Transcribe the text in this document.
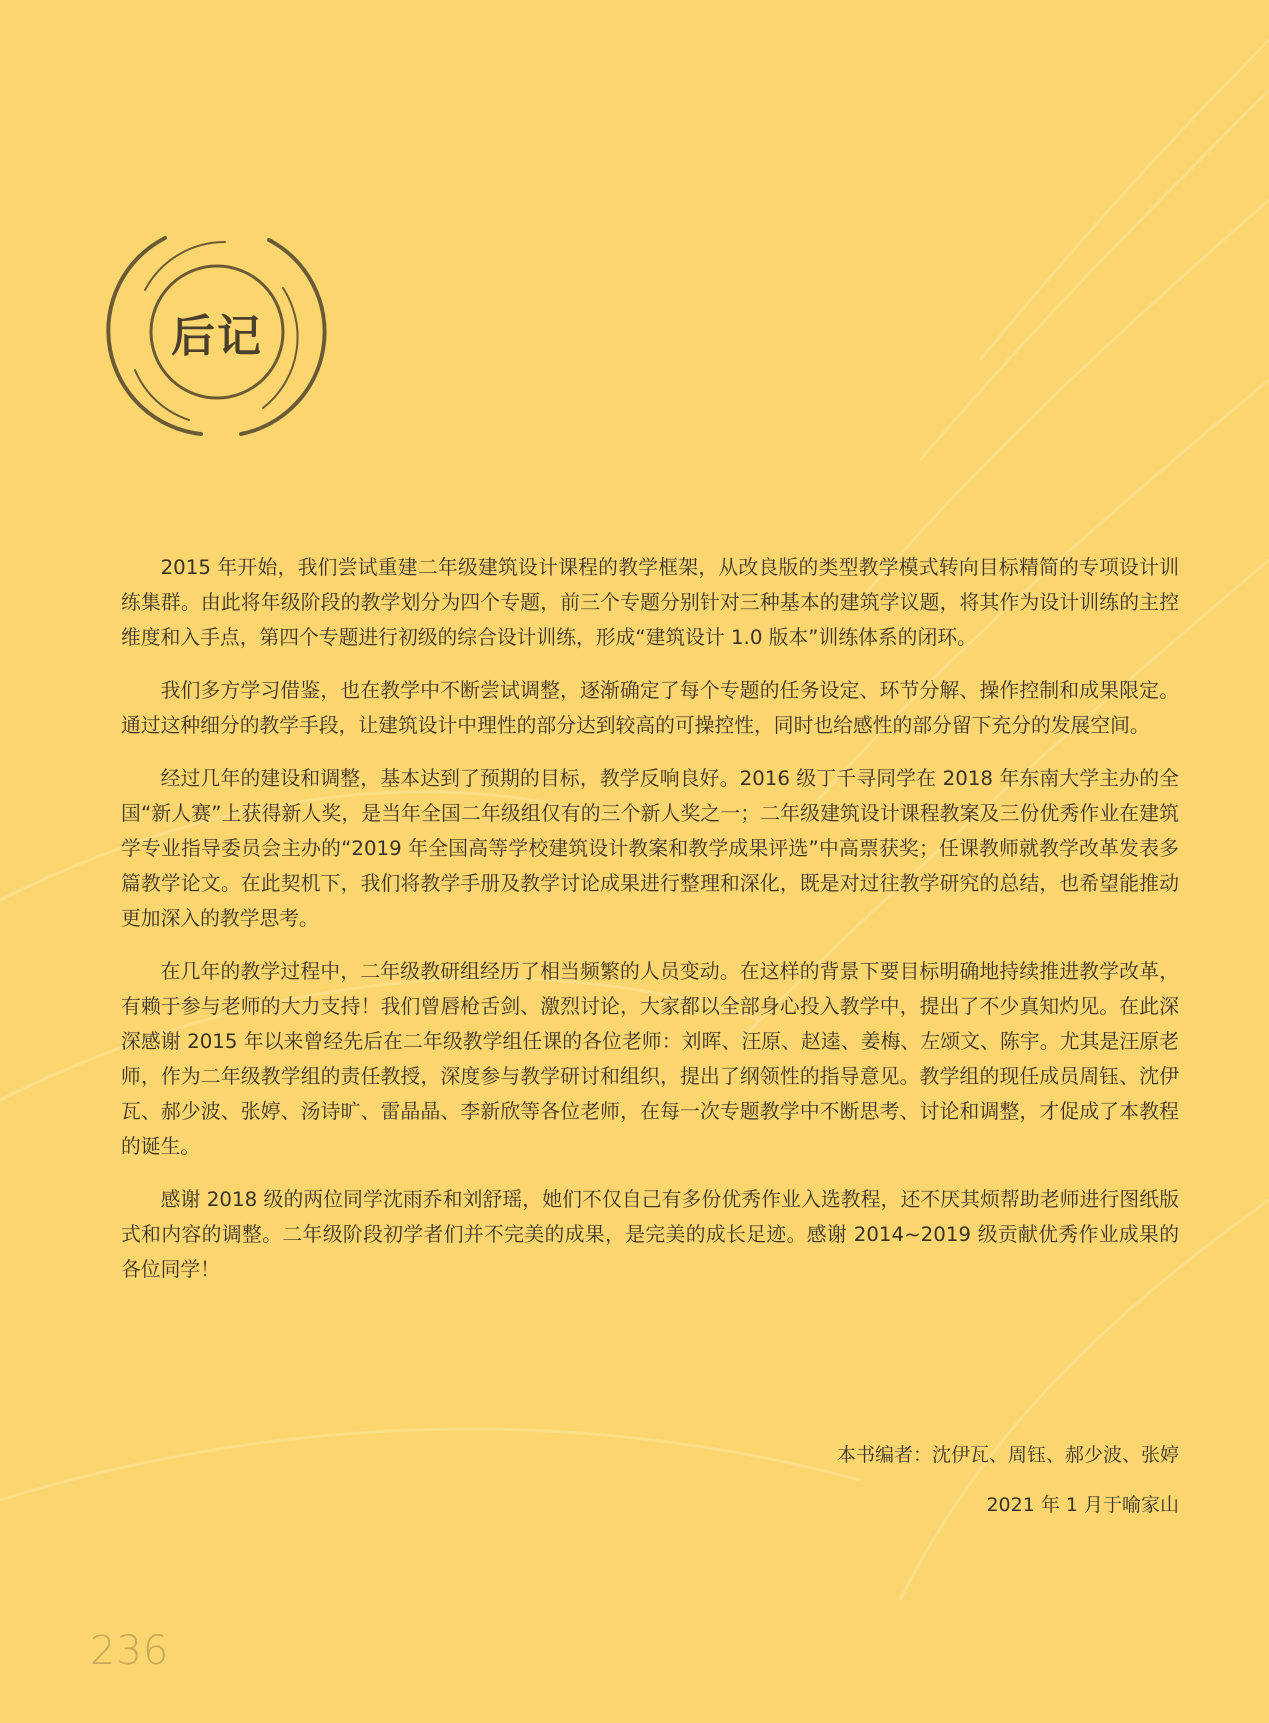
后记

2015 年开始，我们尝试重建二年级建筑设计课程的教学框架，从改良版的类型教学模式转向目标精简的专项设计训练集群。由此将年级阶段的教学划分为四个专题，前三个专题分别针对三种基本的建筑学议题，将其作为设计训练的主控维度和入手点，第四个专题进行初级的综合设计训练，形成“建筑设计 1.0 版本”训练体系的闭环。

我们多方学习借鉴，也在教学中不断尝试调整，逐渐确定了每个专题的任务设定、环节分解、操作控制和成果限定。通过这种细分的教学手段，让建筑设计中理性的部分达到较高的可操控性，同时也给感性的部分留下充分的发展空间。

经过几年的建设和调整，基本达到了预期的目标，教学反响良好。2016 级丁千寻同学在 2018 年东南大学主办的全国“新人赛”上获得新人奖，是当年全国二年级组仅有的三个新人奖之一；二年级建筑设计课程教案及三份优秀作业在建筑学专业指导委员会主办的“2019 年全国高等学校建筑设计教案和教学成果评选”中高票获奖；任课教师就教学改革发表多篇教学论文。在此契机下，我们将教学手册及教学讨论成果进行整理和深化，既是对过往教学研究的总结，也希望能推动更加深入的教学思考。

在几年的教学过程中，二年级教研组经历了相当频繁的人员变动。在这样的背景下要目标明确地持续推进教学改革，有赖于参与老师的大力支持！我们曾唇枪舌剑、激烈讨论，大家都以全部身心投入教学中，提出了不少真知灼见。在此深深感谢 2015 年以来曾经先后在二年级教学组任课的各位老师：刘晖、汪原、赵逵、姜梅、左颂文、陈宇。尤其是汪原老师，作为二年级教学组的责任教授，深度参与教学研讨和组织，提出了纲领性的指导意见。教学组的现任成员周钰、沈伊瓦、郝少波、张婷、汤诗旷、雷晶晶、李新欣等各位老师，在每一次专题教学中不断思考、讨论和调整，才促成了本教程的诞生。

感谢 2018 级的两位同学沈雨乔和刘舒瑶，她们不仅自己有多份优秀作业入选教程，还不厌其烦帮助老师进行图纸版式和内容的调整。二年级阶段初学者们并不完美的成果，是完美的成长足迹。感谢 2014~2019 级贡献优秀作业成果的各位同学！

本书编者：沈伊瓦、周钰、郝少波、张婷
2021 年 1 月于喻家山
236
